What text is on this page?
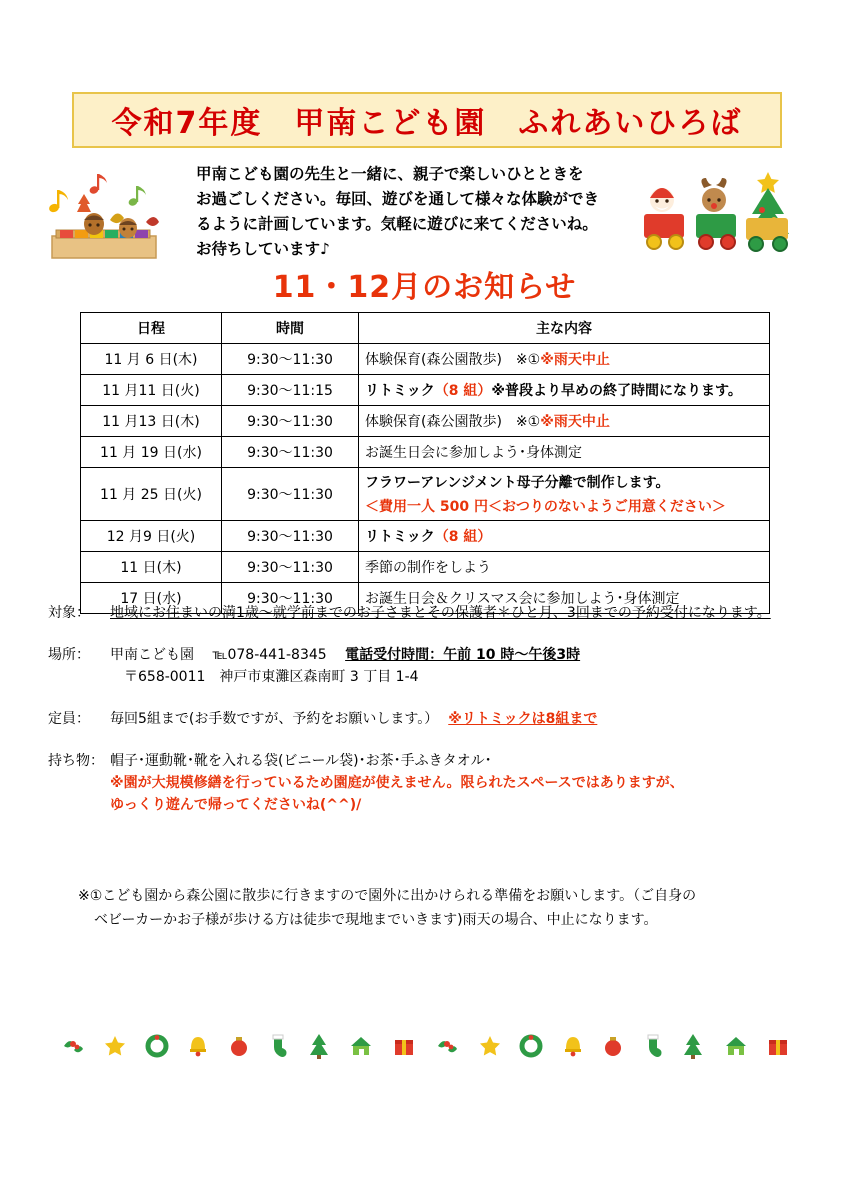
令和7年度　甲南こども園　ふれあいひろば
甲南こども園の先生と一緒に、親子で楽しいひとときを
お過ごしください。毎回、遊びを通して様々な体験ができ
るように計画しています。気軽に遊びに来てくださいね。
お待ちしています♪
11・12月のお知らせ
日程	時間	主な内容
11 月 6 日(木)	9:30～11:30	体験保育(森公園散歩)　※①※雨天中止
11 月11 日(火)	9:30～11:15	リトミック（8 組）※普段より早めの終了時間になります。
11 月13 日(木)	9:30～11:30	体験保育(森公園散歩)　※①※雨天中止
11 月 19 日(水)	9:30～11:30	お誕生日会に参加しよう･身体測定
11 月 25 日(火)	9:30～11:30	フラワーアレンジメント母子分離で制作します。
＜費用一人 500 円＜おつりのないようご用意ください＞

12 月9 日(火)	9:30～11:30	リトミック（8 組）
11 日(木)	9:30～11:30	季節の制作をしよう
17 日(水)	9:30～11:30	お誕生日会＆クリスマス会に参加しよう･身体測定
対象： 地域にお住まいの満1歳～就学前までのお子さまとその保護者＊ひと月、3回までの予約受付になります。
場所： 甲南こども園 ℡078-441-8345 電話受付時間：午前 10 時～午後3時
〒658-0011　神戸市東灘区森南町 3 丁目 1-4
定員： 毎回5組まで(お手数ですが、予約をお願いします。） ※リトミックは8組まで
持ち物： 帽子･運動靴･靴を入れる袋(ビニール袋)･お茶･手ふきタオル･
※園が大規模修繕を行っているため園庭が使えません。限られたスペースではありますが、
ゆっくり遊んで帰ってくださいね(^^)/
※①こども園から森公園に散歩に行きますので園外に出かけられる準備をお願いします。（ご自身の
ベビーカーかお子様が歩ける方は徒歩で現地までいきます)雨天の場合、中止になります。
